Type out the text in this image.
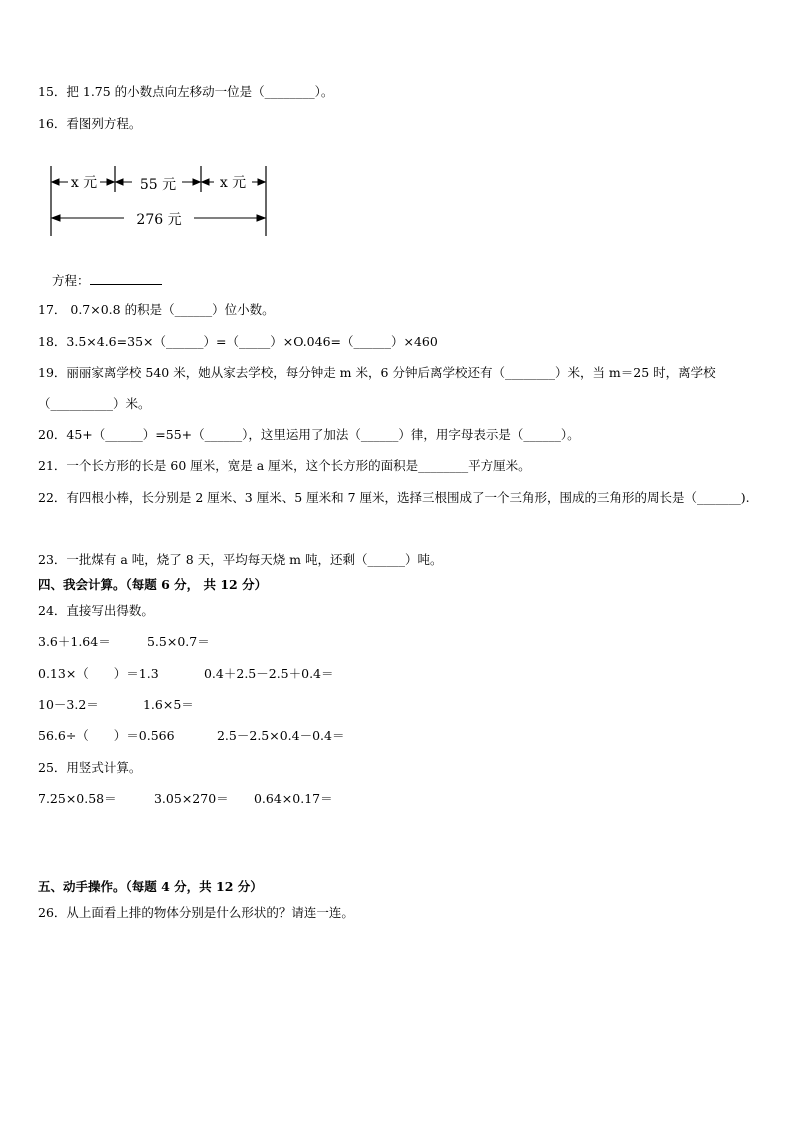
15．把 1.75 的小数点向左移动一位是（________）。
16．看图列方程。
x 元	55 元	x 元
276 元
方程：
17． 0.7×0.8 的积是（______）位小数。
18．3.5×4.6=35×（______）=（_____）×O.046=（______）×460
19．丽丽家离学校 540 米，她从家去学校，每分钟走 m 米，6 分钟后离学校还有（________）米，当 m＝25 时，离学校（__________）米。
20．45+（______）=55+（______），这里运用了加法（______）律，用字母表示是（______）。
21．一个长方形的长是 60 厘米，宽是 a 厘米，这个长方形的面积是________平方厘米。
22．有四根小棒，长分别是 2 厘米、3 厘米、5 厘米和 7 厘米，选择三根围成了一个三角形，围成的三角形的周长是（_______).
23．一批煤有 a 吨，烧了 8 天，平均每天烧 m 吨，还剩（______）吨。
四、我会计算。（每题 6 分， 共 12 分）
24．直接写出得数。
3.6＋1.64＝	5.5×0.7＝
0.13×（　　）＝1.3	0.4＋2.5－2.5＋0.4＝
10－3.2＝	1.6×5＝
56.6÷（　　）＝0.566	2.5－2.5×0.4－0.4＝
25．用竖式计算。
7.25×0.58＝	3.05×270＝ 0.64×0.17＝
五、动手操作。（每题 4 分，共 12 分）
26．从上面看上排的物体分别是什么形状的？请连一连。
